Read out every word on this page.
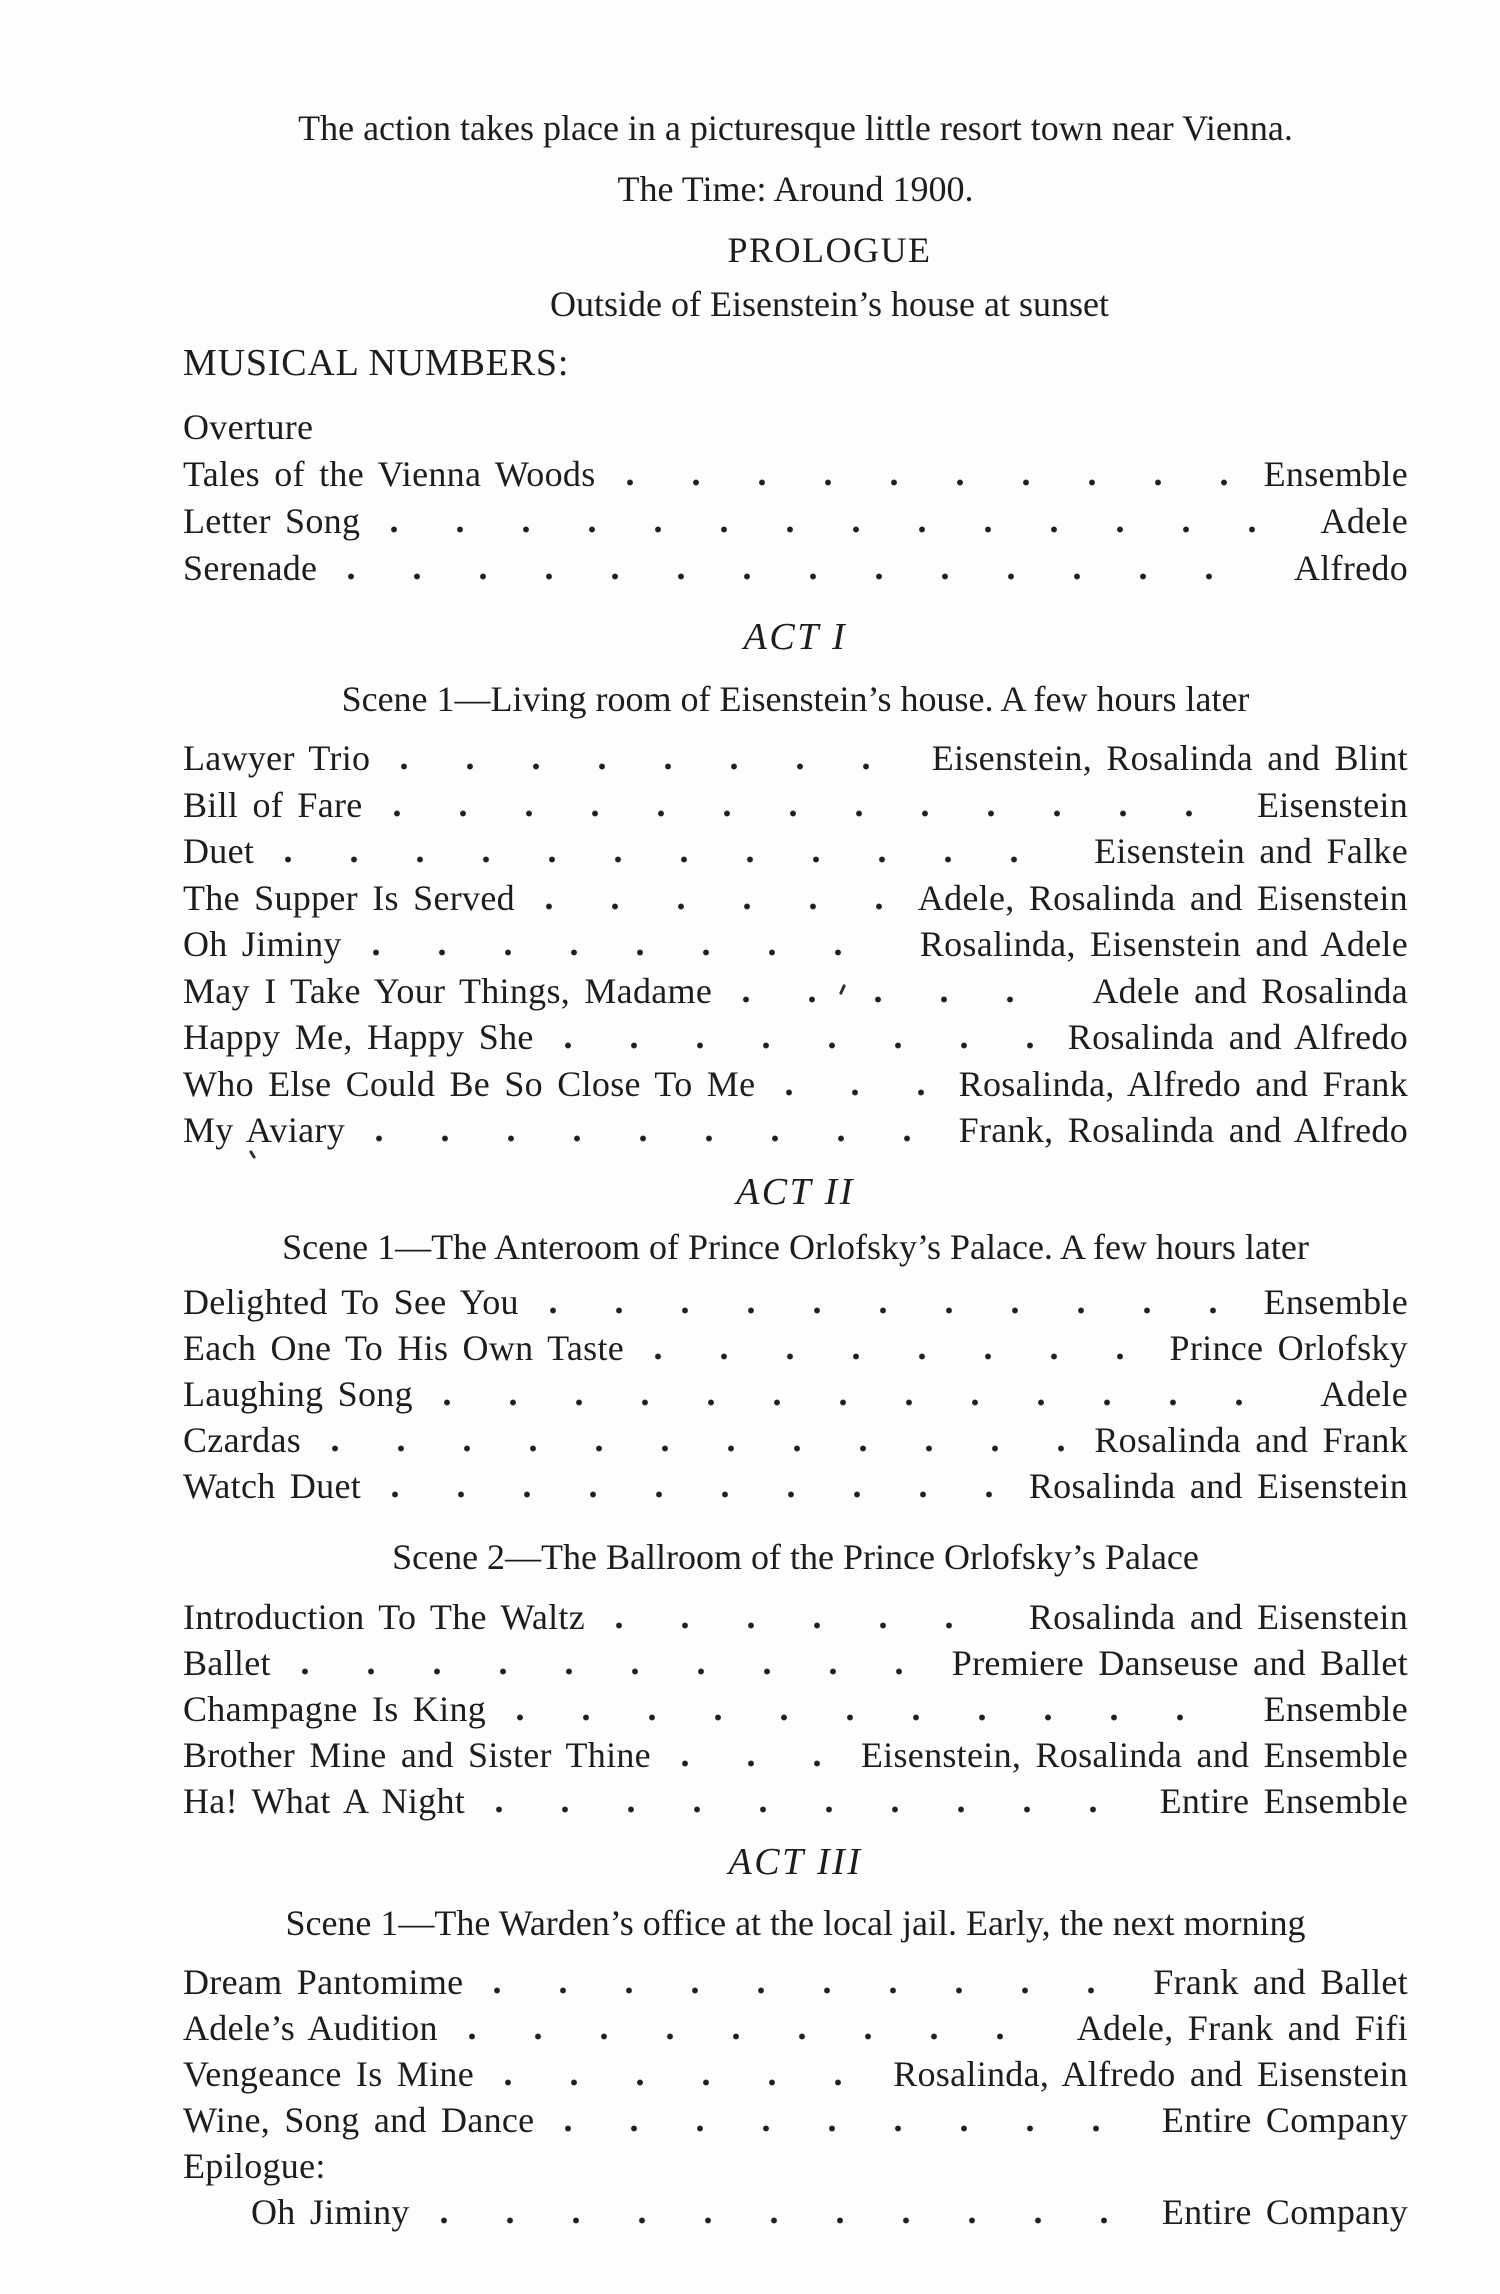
The action takes place in a picturesque little resort town near Vienna.
The Time: Around 1900.
PROLOGUE
Outside of Eisenstein’s house at sunset
MUSICAL NUMBERS:
Overture
Tales of the Vienna Woods	Ensemble
Letter Song	Adele
Serenade	Alfredo
ACT I
Scene 1—Living room of Eisenstein’s house. A few hours later
Lawyer Trio	Eisenstein, Rosalinda and Blint
Bill of Fare	Eisenstein
Duet	Eisenstein and Falke
The Supper Is Served	Adele, Rosalinda and Eisenstein
Oh Jiminy	Rosalinda, Eisenstein and Adele
May I Take Your Things, Madame	Adele and Rosalinda
Happy Me, Happy She	Rosalinda and Alfredo
Who Else Could Be So Close To Me	Rosalinda, Alfredo and Frank
My Aviary	Frank, Rosalinda and Alfredo
ACT II
Scene 1—The Anteroom of Prince Orlofsky’s Palace. A few hours later
Delighted To See You	Ensemble
Each One To His Own Taste	Prince Orlofsky
Laughing Song	Adele
Czardas	Rosalinda and Frank
Watch Duet	Rosalinda and Eisenstein
Scene 2—The Ballroom of the Prince Orlofsky’s Palace
Introduction To The Waltz	Rosalinda and Eisenstein
Ballet	Premiere Danseuse and Ballet
Champagne Is King	Ensemble
Brother Mine and Sister Thine	Eisenstein, Rosalinda and Ensemble
Ha! What A Night	Entire Ensemble
ACT III
Scene 1—The Warden’s office at the local jail. Early, the next morning
Dream Pantomime	Frank and Ballet
Adele’s Audition	Adele, Frank and Fifi
Vengeance Is Mine	Rosalinda, Alfredo and Eisenstein
Wine, Song and Dance	Entire Company
Epilogue:
Oh Jiminy	Entire Company
